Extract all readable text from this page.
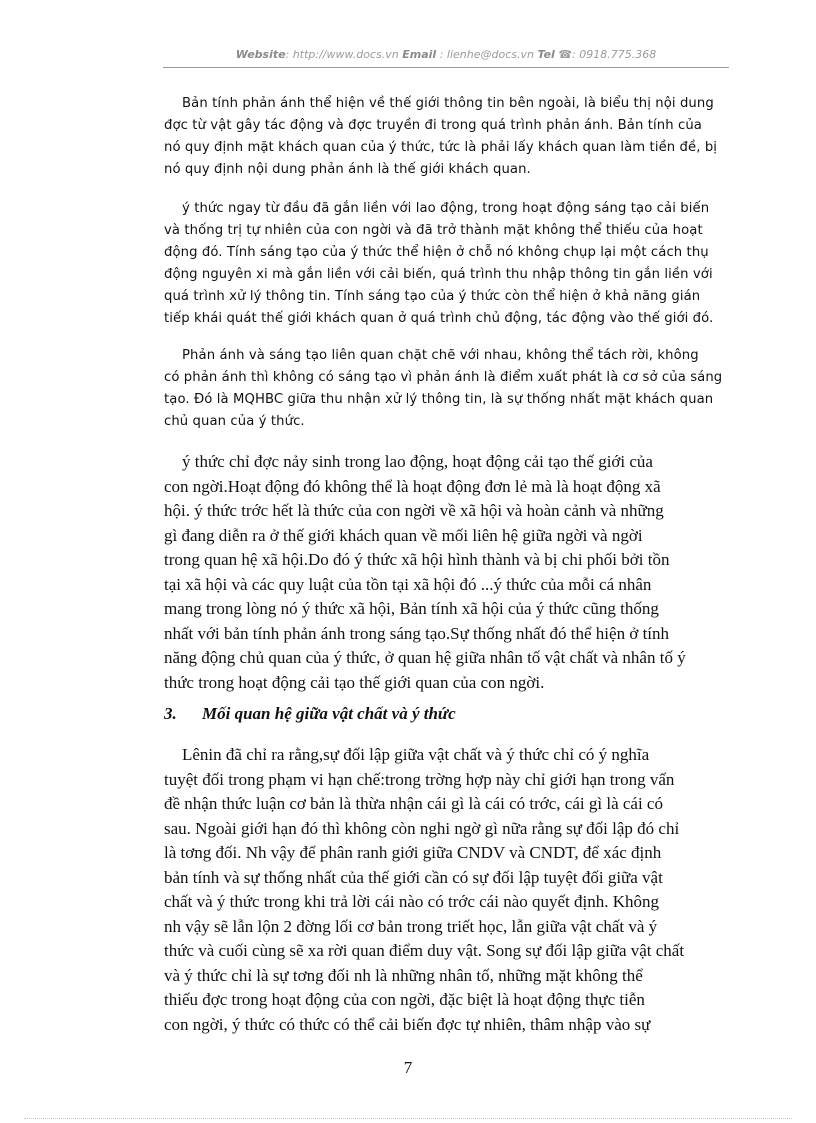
Website: http://www.docs.vn Email : lienhe@docs.vn Tel ☎: 0918.775.368
Bản tính phản ánh thể hiện về thế giới thông tin bên ngoài, là biểu thị nội dung
đợc từ vật gây tác động và đợc truyền đi trong quá trình phản ánh. Bản tính của
nó quy định mặt khách quan của ý thức, tức là phải lấy khách quan làm tiền đề, bị
nó quy định nội dung phản ánh là thế giới khách quan.
ý thức ngay từ đầu đã gắn liền với lao động, trong hoạt động sáng tạo cải biến
và thống trị tự nhiên của con ngời và đã trở thành mặt không thể thiếu của hoạt
động đó. Tính sáng tạo của ý thức thể hiện ở chỗ nó không chụp lại một cách thụ
động nguyên xi mà gắn liền với cải biến, quá trình thu nhập thông tin gắn liền với
quá trình xử lý thông tin. Tính sáng tạo của ý thức còn thể hiện ở khả năng gián
tiếp khái quát thế giới khách quan ở quá trình chủ động, tác động vào thế giới đó.
Phản ánh và sáng tạo liên quan chặt chẽ với nhau, không thể tách rời, không
có phản ánh thì không có sáng tạo vì phản ánh là điểm xuất phát là cơ sở của sáng
tạo. Đó là MQHBC giữa thu nhận xử lý thông tin, là sự thống nhất mặt khách quan
chủ quan của ý thức.
ý thức chỉ đợc nảy sinh trong lao động, hoạt động cải tạo thế giới của
con ngời.Hoạt động đó không thể là hoạt động đơn lẻ mà là hoạt động xã
hội. ý thức trớc hết là thức của con ngời về xã hội và hoàn cảnh và những
gì đang diễn ra ở thế giới khách quan về mối liên hệ giữa ngời và ngời
trong quan hệ xã hội.Do đó ý thức xã hội hình thành và bị chi phối bởi tồn
tại xã hội và các quy luật của tồn tại xã hội đó ...ý thức của mỗi cá nhân
mang trong lòng nó ý thức xã hội, Bản tính xã hội của ý thức cũng thống
nhất với bản tính phản ánh trong sáng tạo.Sự thống nhất đó thể hiện ở tính
năng động chủ quan của ý thức, ở quan hệ giữa nhân tố vật chất và nhân tố ý
thức trong hoạt động cải tạo thế giới quan của con ngời.
3. Mối quan hệ giữa vật chất và ý thức
Lênin đã chỉ ra rằng,sự đối lập giữa vật chất và ý thức chỉ có ý nghĩa
tuyệt đối trong phạm vi hạn chế:trong trờng hợp này chỉ giới hạn trong vấn
đề nhận thức luận cơ bản là thừa nhận cái gì là cái có trớc, cái gì là cái có
sau. Ngoài giới hạn đó thì không còn nghi ngờ gì nữa rằng sự đối lập đó chỉ
là tơng đối. Nh vậy để phân ranh giới giữa CNDV và CNDT, để xác định
bản tính và sự thống nhất của thế giới cần có sự đối lập tuyệt đối giữa vật
chất và ý thức trong khi trả lời cái nào có trớc cái nào quyết định. Không
nh vậy sẽ lẫn lộn 2 đờng lối cơ bản trong triết học, lẫn giữa vật chất và ý
thức và cuối cùng sẽ xa rời quan điểm duy vật. Song sự đối lập giữa vật chất
và ý thức chỉ là sự tơng đối nh là những nhân tố, những mặt không thể
thiếu đợc trong hoạt động của con ngời, đặc biệt là hoạt động thực tiễn
con ngời, ý thức có thức có thể cải biến đợc tự nhiên, thâm nhập vào sự
7
